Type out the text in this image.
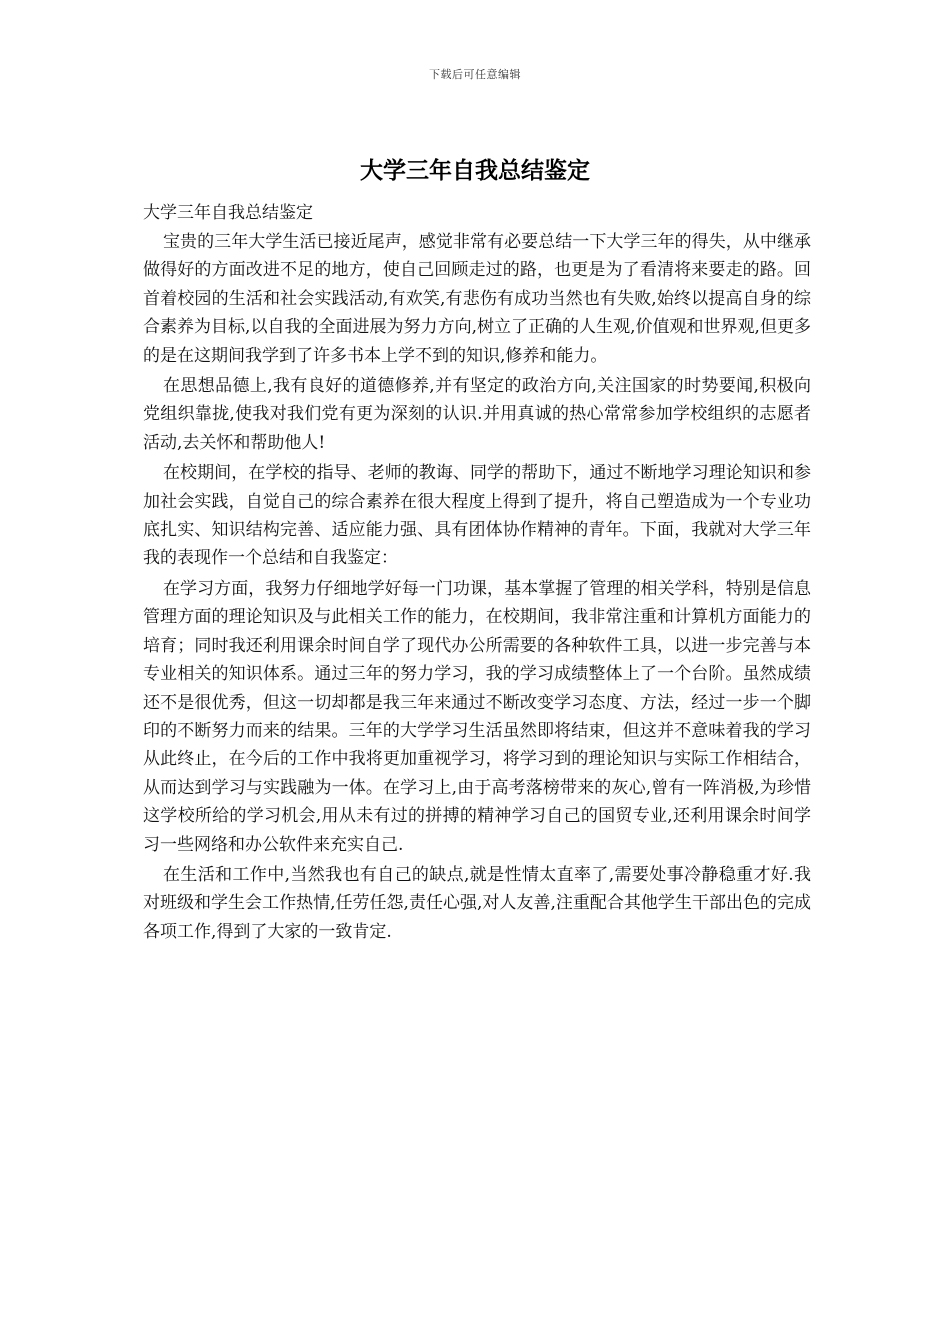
下载后可任意编辑
大学三年自我总结鉴定

大学三年自我总结鉴定

宝贵的三年大学生活已接近尾声，感觉非常有必要总结一下大学三年的得失，从中继承做得好的方面改进不足的地方，使自己回顾走过的路，也更是为了看清将来要走的路。回首着校园的生活和社会实践活动,有欢笑,有悲伤有成功当然也有失败,始终以提高自身的综合素养为目标,以自我的全面进展为努力方向,树立了正确的人生观,价值观和世界观,但更多的是在这期间我学到了许多书本上学不到的知识,修养和能力。

在思想品德上,我有良好的道德修养,并有坚定的政治方向,关注国家的时势要闻,积极向党组织靠拢,使我对我们党有更为深刻的认识.并用真诚的热心常常参加学校组织的志愿者活动,去关怀和帮助他人!

在校期间，在学校的指导、老师的教诲、同学的帮助下，通过不断地学习理论知识和参加社会实践，自觉自己的综合素养在很大程度上得到了提升，将自己塑造成为一个专业功底扎实、知识结构完善、适应能力强、具有团体协作精神的青年。下面，我就对大学三年我的表现作一个总结和自我鉴定：

在学习方面，我努力仔细地学好每一门功课，基本掌握了管理的相关学科，特别是信息管理方面的理论知识及与此相关工作的能力，在校期间，我非常注重和计算机方面能力的培育；同时我还利用课余时间自学了现代办公所需要的各种软件工具，以进一步完善与本专业相关的知识体系。通过三年的努力学习，我的学习成绩整体上了一个台阶。虽然成绩还不是很优秀，但这一切却都是我三年来通过不断改变学习态度、方法，经过一步一个脚印的不断努力而来的结果。三年的大学学习生活虽然即将结束，但这并不意味着我的学习从此终止，在今后的工作中我将更加重视学习，将学习到的理论知识与实际工作相结合，从而达到学习与实践融为一体。在学习上,由于高考落榜带来的灰心,曾有一阵消极,为珍惜这学校所给的学习机会,用从未有过的拼搏的精神学习自己的国贸专业,还利用课余时间学习一些网络和办公软件来充实自己.

在生活和工作中,当然我也有自己的缺点,就是性情太直率了,需要处事冷静稳重才好.我对班级和学生会工作热情,任劳任怨,责任心强,对人友善,注重配合其他学生干部出色的完成各项工作,得到了大家的一致肯定.
